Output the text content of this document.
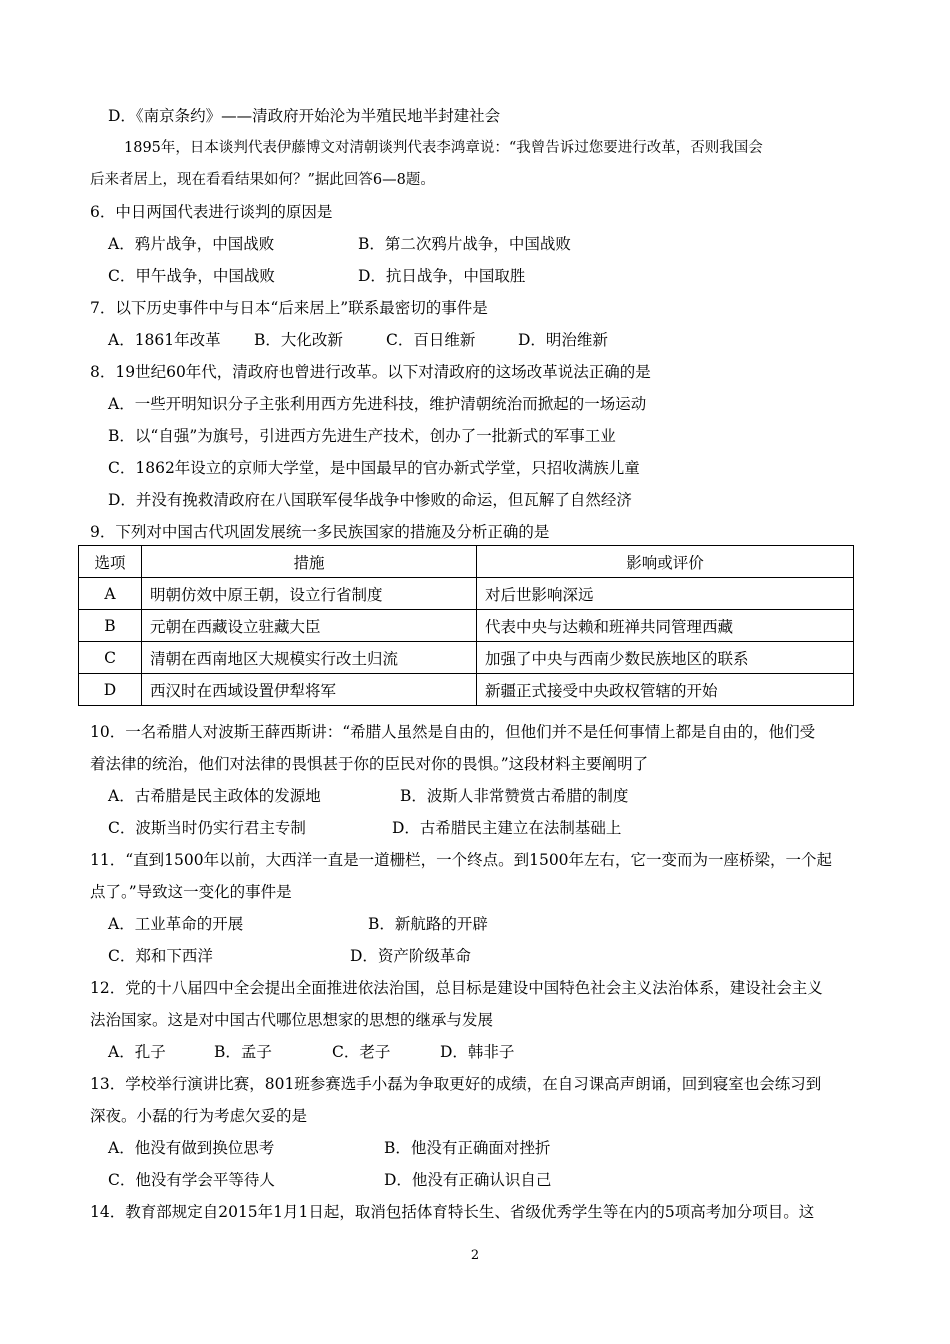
D．《南京条约》——清政府开始沦为半殖民地半封建社会
1895年，日本谈判代表伊藤博文对清朝谈判代表李鸿章说：“我曾告诉过您要进行改革，否则我国会
后来者居上，现在看看结果如何？”据此回答6—8题。
6．中日两国代表进行谈判的原因是
A．鸦片战争，中国战败	B．第二次鸦片战争，中国战败
C．甲午战争，中国战败	D．抗日战争，中国取胜
7．以下历史事件中与日本“后来居上”联系最密切的事件是
A．1861年改革 B．大化改新	C．百日维新	D．明治维新
8．19世纪60年代，清政府也曾进行改革。以下对清政府的这场改革说法正确的是
A．一些开明知识分子主张利用西方先进科技，维护清朝统治而掀起的一场运动
B．以“自强”为旗号，引进西方先进生产技术，创办了一批新式的军事工业
C．1862年设立的京师大学堂，是中国最早的官办新式学堂，只招收满族儿童
D．并没有挽救清政府在八国联军侵华战争中惨败的命运，但瓦解了自然经济
9．下列对中国古代巩固发展统一多民族国家的措施及分析正确的是
选项	措施	影响或评价
A	明朝仿效中原王朝，设立行省制度	对后世影响深远
B	元朝在西藏设立驻藏大臣	代表中央与达赖和班禅共同管理西藏
C	清朝在西南地区大规模实行改土归流	加强了中央与西南少数民族地区的联系
D	西汉时在西域设置伊犁将军	新疆正式接受中央政权管辖的开始
10．一名希腊人对波斯王薛西斯讲：“希腊人虽然是自由的，但他们并不是任何事情上都是自由的，他们受
着法律的统治，他们对法律的畏惧甚于你的臣民对你的畏惧。”这段材料主要阐明了
A．古希腊是民主政体的发源地	B．波斯人非常赞赏古希腊的制度
C．波斯当时仍实行君主专制	D．古希腊民主建立在法制基础上
11．“直到1500年以前，大西洋一直是一道栅栏，一个终点。到1500年左右，它一变而为一座桥梁，一个起
点了。”导致这一变化的事件是
A．工业革命的开展	B．新航路的开辟
C．郑和下西洋	D．资产阶级革命
12．党的十八届四中全会提出全面推进依法治国，总目标是建设中国特色社会主义法治体系，建设社会主义
法治国家。这是对中国古代哪位思想家的思想的继承与发展
A．孔子	B．孟子	C．老子	D．韩非子
13．学校举行演讲比赛，801班参赛选手小磊为争取更好的成绩，在自习课高声朗诵，回到寝室也会练习到
深夜。小磊的行为考虑欠妥的是
A．他没有做到换位思考	B．他没有正确面对挫折
C．他没有学会平等待人	D．他没有正确认识自己
14．教育部规定自2015年1月1日起，取消包括体育特长生、省级优秀学生等在内的5项高考加分项目。这
2
